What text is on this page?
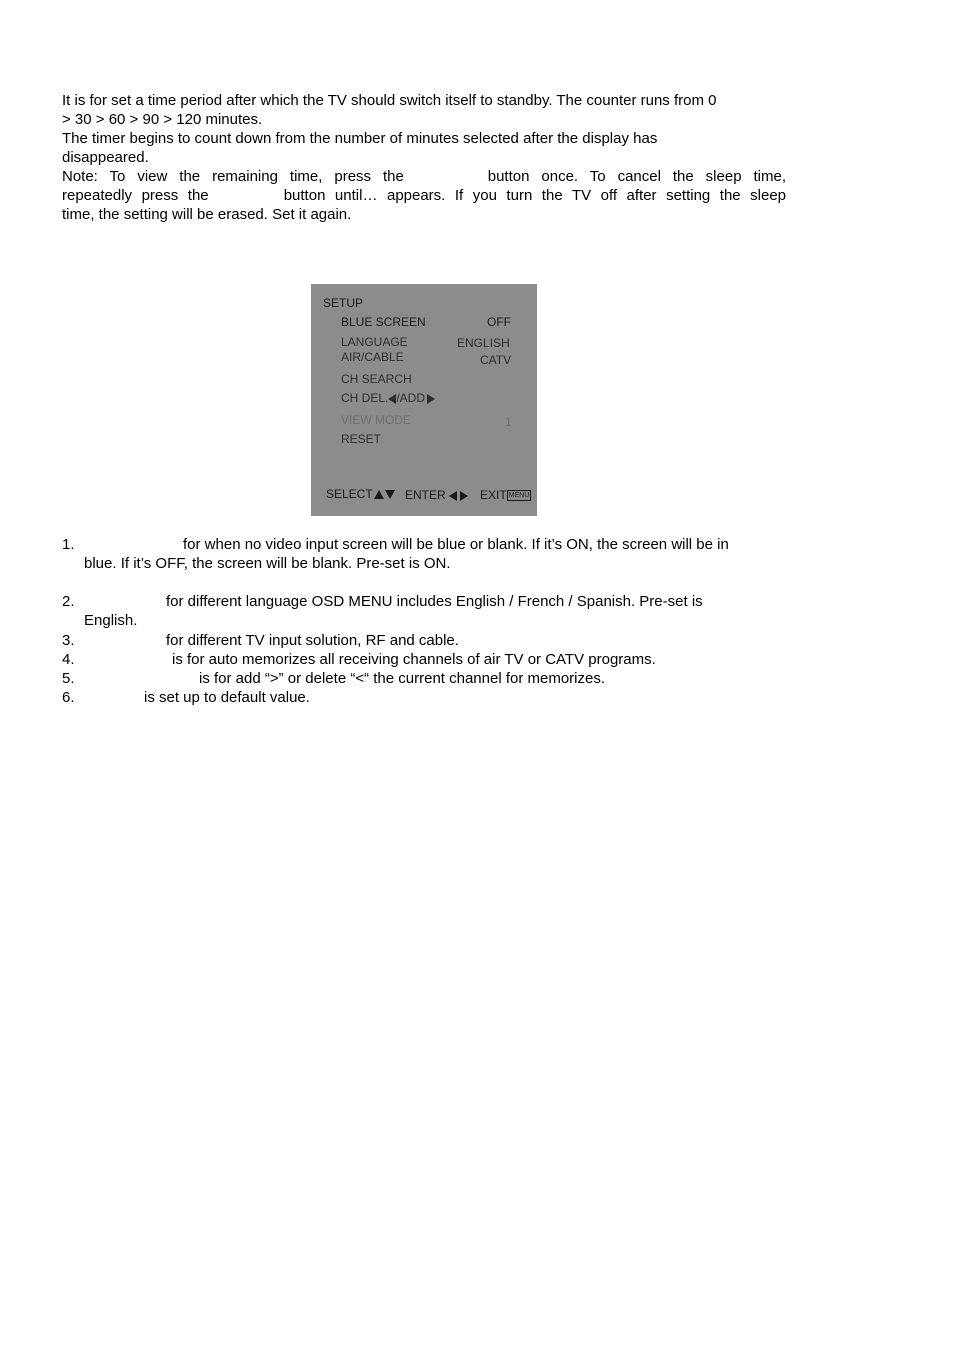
It is for set a time period after which the TV should switch itself to standby. The counter runs from 0
> 30 > 60 > 90 > 120 minutes.
The timer begins to count down from the number of minutes selected after the display has
disappeared.
Note: To view the remaining time, press the	button once. To cancel the sleep time,
repeatedly press the	button until… appears. If you turn the TV off after setting the sleep
time, the setting will be erased. Set it again.
SETUP
BLUE SCREEN	OFF
LANGUAGE	ENGLISH
AIR/CABLE	CATV
CH SEARCH
CH DEL. /ADD
VIEW MODE	1
RESET
SELECT	ENTER	EXIT MENU
1.	for when no video input screen will be blue or blank. If it’s ON, the screen will be in
blue. If it’s OFF, the screen will be blank. Pre-set is ON.
2.	for different language OSD MENU includes English / French / Spanish. Pre-set is
English.
3.	for different TV input solution, RF and cable.
4.	is for auto memorizes all receiving channels of air TV or CATV programs.
5.	is for add “>” or delete “<“ the current channel for memorizes.
6.	is set up to default value.
